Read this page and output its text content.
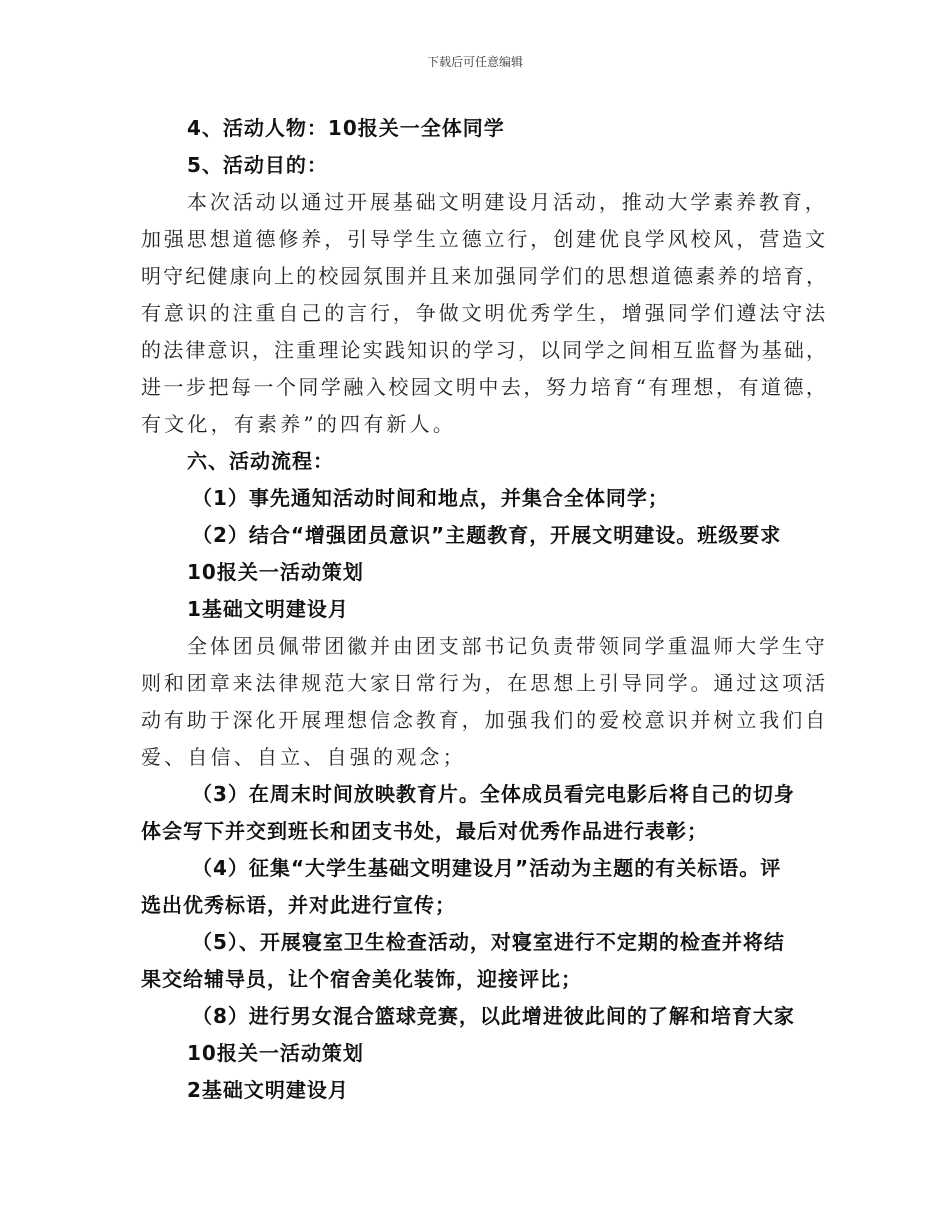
下载后可任意编辑
4、活动人物：10报关一全体同学
5、活动目的：
本次活动以通过开展基础文明建设月活动，推动大学素养教育，
加强思想道德修养，引导学生立德立行，创建优良学风校风，营造文
明守纪健康向上的校园氛围并且来加强同学们的思想道德素养的培育，
有意识的注重自己的言行，争做文明优秀学生，增强同学们遵法守法
的法律意识，注重理论实践知识的学习，以同学之间相互监督为基础，
进一步把每一个同学融入校园文明中去，努力培育“有理想，有道德，
有文化，有素养”的四有新人。
六、活动流程：
（1）事先通知活动时间和地点，并集合全体同学；
（2）结合“增强团员意识”主题教育，开展文明建设。班级要求
10报关一活动策划
1基础文明建设月
全体团员佩带团徽并由团支部书记负责带领同学重温师大学生守
则和团章来法律规范大家日常行为，在思想上引导同学。通过这项活
动有助于深化开展理想信念教育，加强我们的爱校意识并树立我们自
爱、自信、自立、自强的观念；
（3）在周末时间放映教育片。全体成员看完电影后将自己的切身
体会写下并交到班长和团支书处，最后对优秀作品进行表彰；
（4）征集“大学生基础文明建设月”活动为主题的有关标语。评
选出优秀标语，并对此进行宣传；
（5）、开展寝室卫生检查活动，对寝室进行不定期的检查并将结
果交给辅导员，让个宿舍美化装饰，迎接评比；
（8）进行男女混合篮球竞赛，以此增进彼此间的了解和培育大家
10报关一活动策划
2基础文明建设月
